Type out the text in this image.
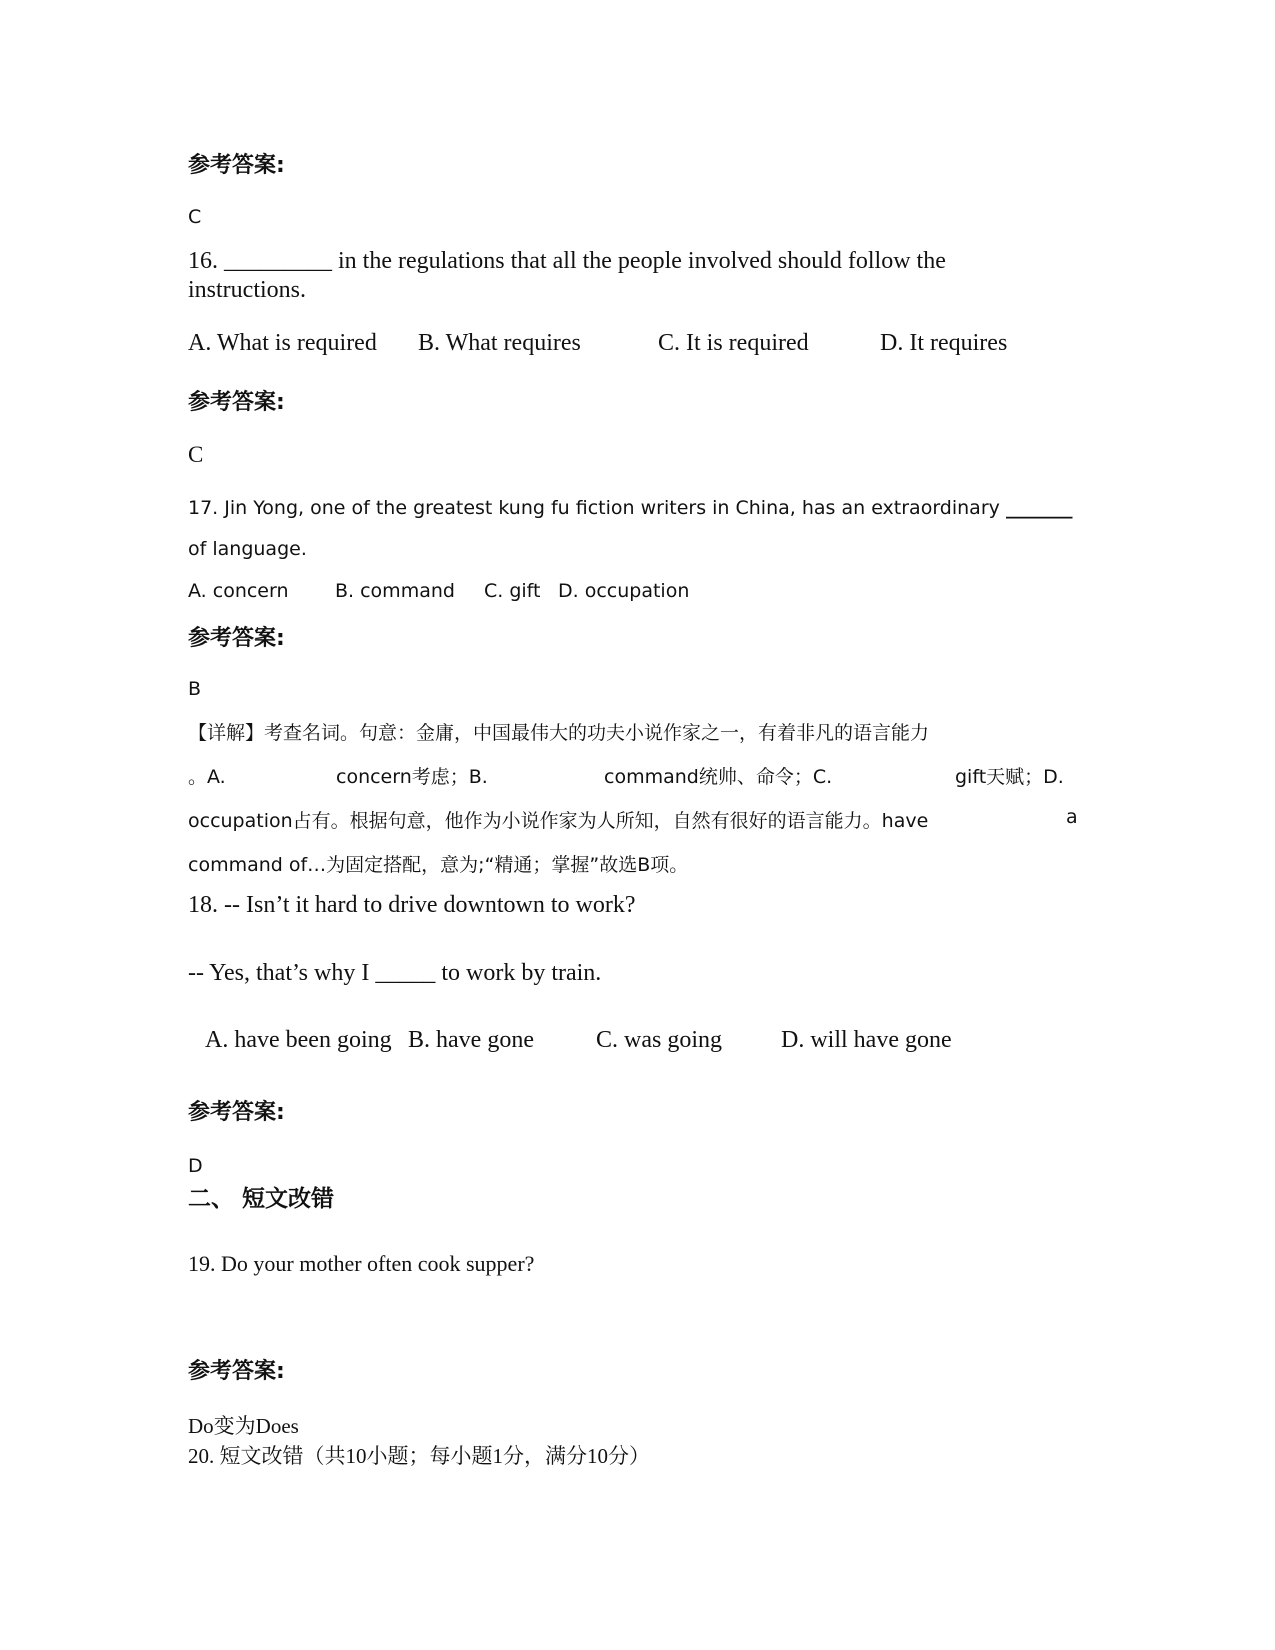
参考答案:
C
16. _________ in the regulations that all the people involved should follow the
instructions.
A. What is required B. What requires	C. It is required	D. It requires
参考答案:
C
17. Jin Yong, one of the greatest kung fu fiction writers in China, has an extraordinary _______
of language.
A. concern B. command C. gift D. occupation
参考答案:
B
【详解】考查名词。句意：金庸，中国最伟大的功夫小说作家之一，有着非凡的语言能力
。A.	concern考虑；B.	command统帅、命令；C.	gift天赋；D.
occupation占有。根据句意，他作为小说作家为人所知，自然有很好的语言能力。have	a
command of…为固定搭配，意为;“精通；掌握”故选B项。
18. -- Isn’t it hard to drive downtown to work?
-- Yes, that’s why I _____ to work by train.
A. have been going B. have gone	C. was going D. will have gone
参考答案:
D
二、 短文改错
19. Do your mother often cook supper?
参考答案:
Do变为Does
20. 短文改错（共10小题；每小题1分，满分10分）
